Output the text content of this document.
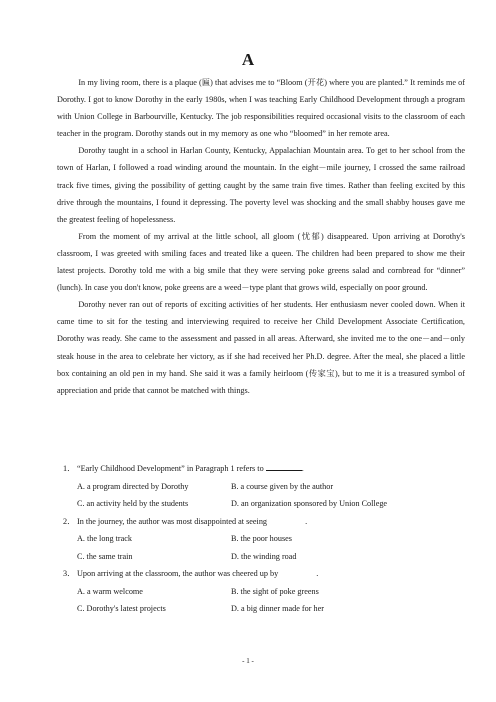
A

In my living room, there is a plaque (匾) that advises me to “Bloom (开花) where you are planted.” It reminds me of Dorothy. I got to know Dorothy in the early 1980s, when I was teaching Early Childhood Development through a program with Union College in Barbourville, Kentucky. The job responsibilities required occasional visits to the classroom of each teacher in the program. Dorothy stands out in my memory as one who “bloomed” in her remote area.

Dorothy taught in a school in Harlan County, Kentucky, Appalachian Mountain area. To get to her school from the town of Harlan, I followed a road winding around the mountain. In the eight－mile journey, I crossed the same railroad track five times, giving the possibility of getting caught by the same train five times. Rather than feeling excited by this drive through the mountains, I found it depressing. The poverty level was shocking and the small shabby houses gave me the greatest feeling of hopelessness.

From the moment of my arrival at the little school, all gloom (忧郁) disappeared. Upon arriving at Dorothy's classroom, I was greeted with smiling faces and treated like a queen. The children had been prepared to show me their latest projects. Dorothy told me with a big smile that they were serving poke greens salad and cornbread for “dinner” (lunch). In case you don't know, poke greens are a weed－type plant that grows wild, especially on poor ground.

Dorothy never ran out of reports of exciting activities of her students. Her enthusiasm never cooled down. When it came time to sit for the testing and interviewing required to receive her Child Development Associate Certification, Dorothy was ready. She came to the assessment and passed in all areas. Afterward, she invited me to the one－and－only steak house in the area to celebrate her victory, as if she had received her Ph.D. degree. After the meal, she placed a little box containing an old pen in my hand. She said it was a family heirloom (传家宝), but to me it is a treasured symbol of appreciation and pride that cannot be matched with things.

1． “Early Childhood Development” in Paragraph 1 refers to	.

A. a program directed by Dorothy	B. a course given by the author
C. an activity held by the students	D. an organization sponsored by Union College

2． In the journey, the author was most disappointed at seeing	.

A. the long track	B. the poor houses
C. the same train	D. the winding road

3． Upon arriving at the classroom, the author was cheered up by	.

A. a warm welcome	B. the sight of poke greens
C. Dorothy's latest projects	D. a big dinner made for her
- 1 -
